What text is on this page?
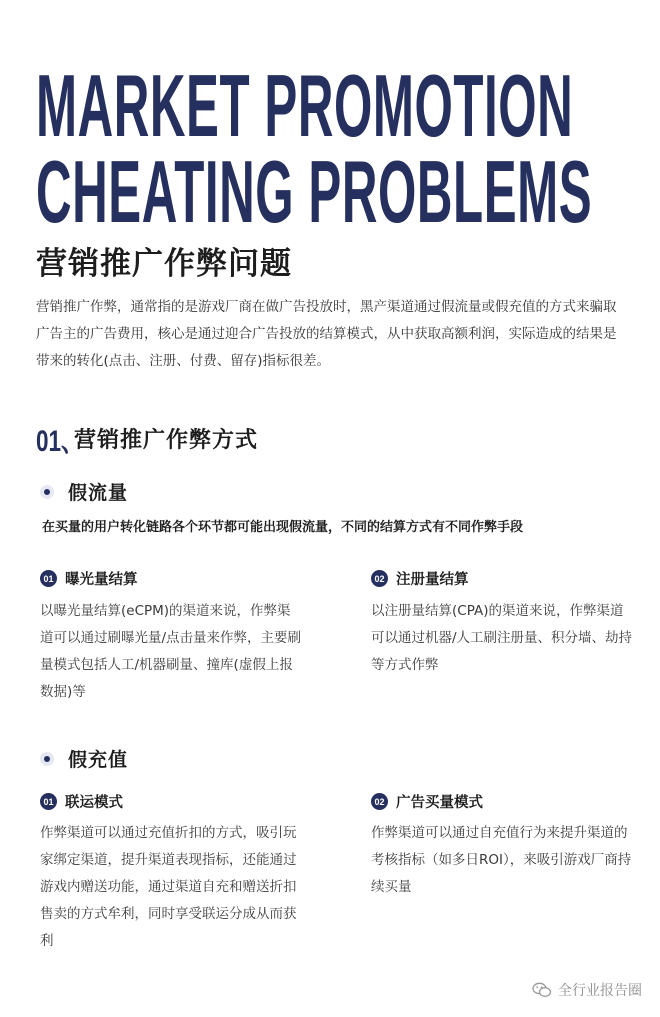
MARKET PROMOTION
CHEATING PROBLEMS
营销推广作弊问题
营销推广作弊，通常指的是游戏厂商在做广告投放时，黑产渠道通过假流量或假充值的方式来骗取广告主的广告费用，核心是通过迎合广告投放的结算模式，从中获取高额利润，实际造成的结果是带来的转化(点击、注册、付费、留存)指标很差。
01、
营销推广作弊方式
假流量
在买量的用户转化链路各个环节都可能出现假流量，不同的结算方式有不同作弊手段
01 曝光量结算
以曝光量结算(eCPM)的渠道来说，作弊渠道可以通过刷曝光量/点击量来作弊，主要刷量模式包括人工/机器刷量、撞库(虚假上报数据)等
02 注册量结算
以注册量结算(CPA)的渠道来说，作弊渠道可以通过机器/人工刷注册量、积分墙、劫持等方式作弊
假充值
01 联运模式
作弊渠道可以通过充值折扣的方式，吸引玩家绑定渠道，提升渠道表现指标，还能通过游戏内赠送功能，通过渠道自充和赠送折扣售卖的方式牟利，同时享受联运分成从而获利
02 广告买量模式
作弊渠道可以通过自充值行为来提升渠道的考核指标（如多日ROI），来吸引游戏厂商持续买量
全行业报告圈
